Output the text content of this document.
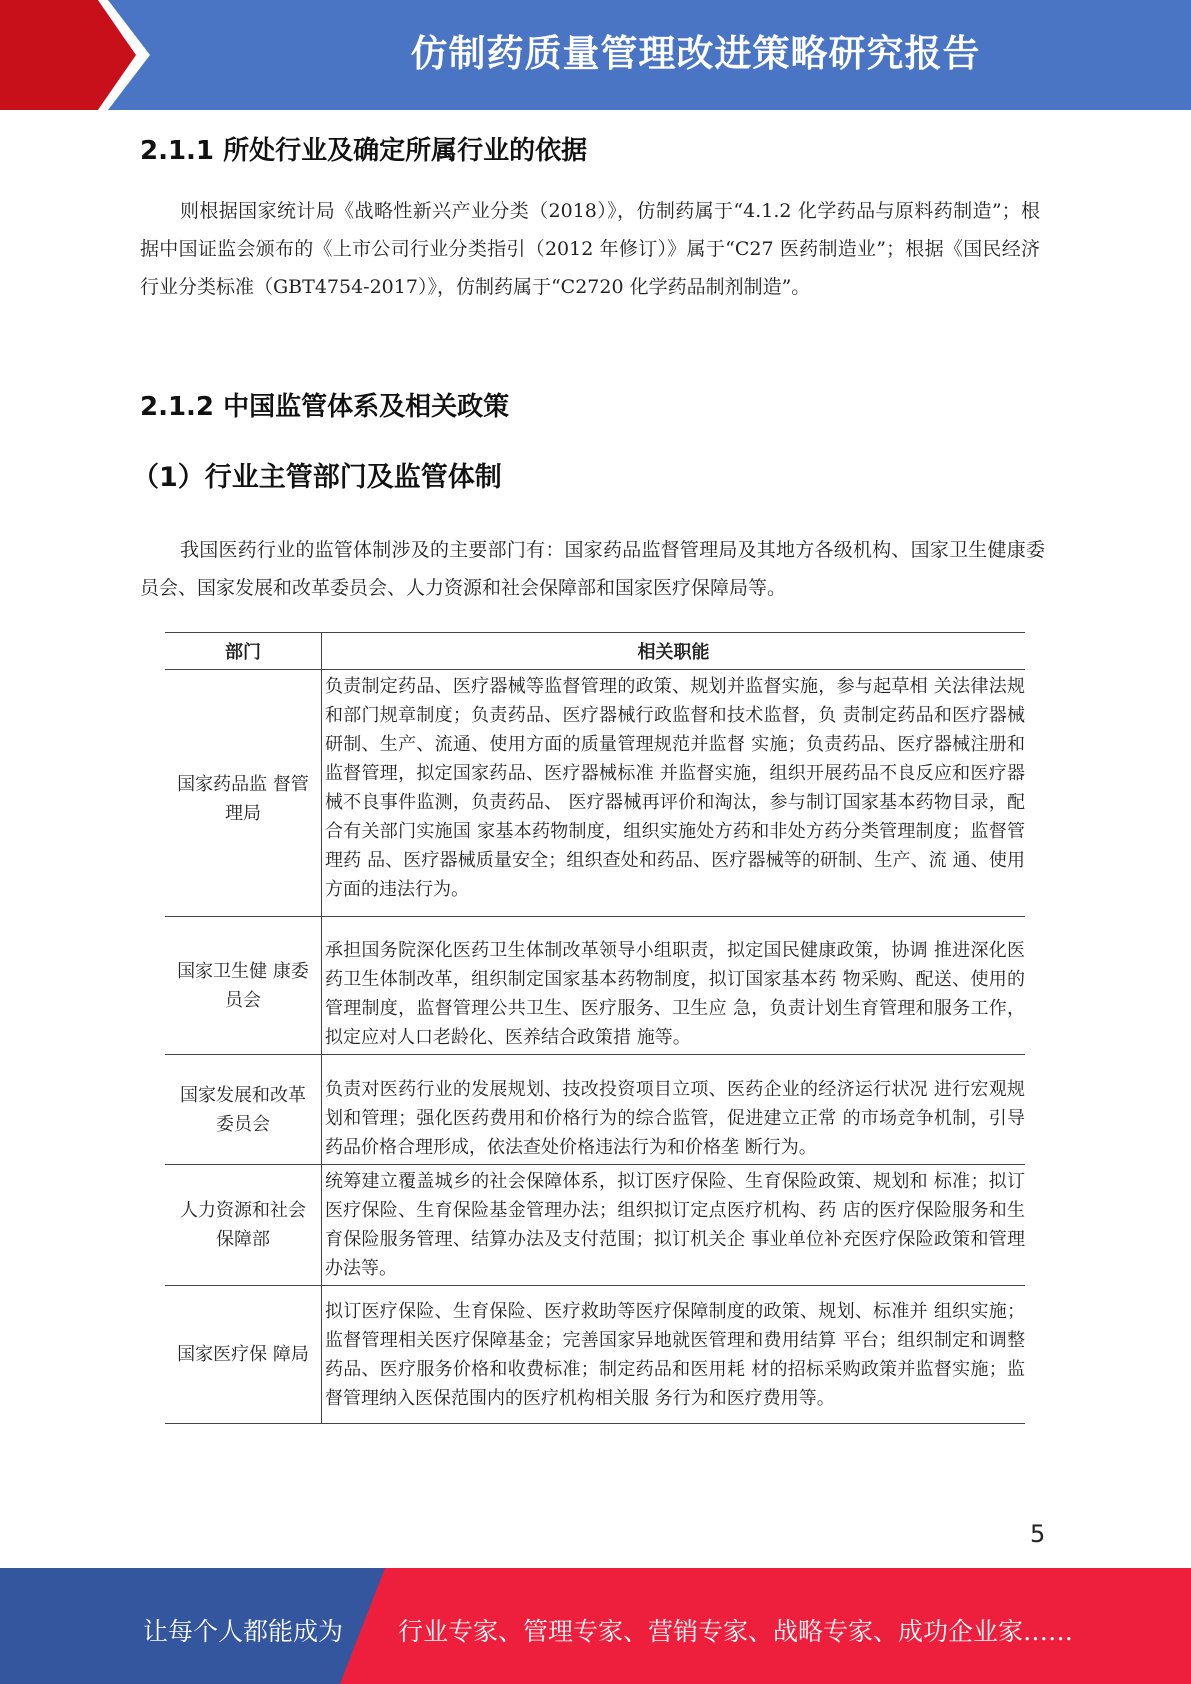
仿制药质量管理改进策略研究报告
2.1.1 所处行业及确定所属行业的依据

则根据国家统计局《战略性新兴产业分类（2018）》，仿制药属于“4.1.2 化学药品与原料药制造”；根据中国证监会颁布的《上市公司行业分类指引（2012 年修订）》属于“C27 医药制造业”；根据《国民经济行业分类标准（GBT4754-2017）》，仿制药属于“C2720 化学药品制剂制造”。

2.1.2 中国监管体系及相关政策
（1）行业主管部门及监管体制

我国医药行业的监管体制涉及的主要部门有：国家药品监督管理局及其地方各级机构、国家卫生健康委员会、国家发展和改革委员会、人力资源和社会保障部和国家医疗保障局等。

部门	相关职能
国家药品监 督管理局	负责制定药品、医疗器械等监督管理的政策、规划并监督实施，参与起草相 关法律法规和部门规章制度；负责药品、医疗器械行政监督和技术监督，负 责制定药品和医疗器械研制、生产、流通、使用方面的质量管理规范并监督 实施；负责药品、医疗器械注册和监督管理，拟定国家药品、医疗器械标准 并监督实施，组织开展药品不良反应和医疗器械不良事件监测，负责药品、 医疗器械再评价和淘汰，参与制订国家基本药物目录，配合有关部门实施国 家基本药物制度，组织实施处方药和非处方药分类管理制度；监督管理药 品、医疗器械质量安全；组织查处和药品、医疗器械等的研制、生产、流 通、使用方面的违法行为。
国家卫生健 康委员会	承担国务院深化医药卫生体制改革领导小组职责，拟定国民健康政策，协调 推进深化医药卫生体制改革，组织制定国家基本药物制度，拟订国家基本药 物采购、配送、使用的管理制度，监督管理公共卫生、医疗服务、卫生应 急，负责计划生育管理和服务工作，拟定应对人口老龄化、医养结合政策措 施等。
国家发展和改革委员会	负责对医药行业的发展规划、技改投资项目立项、医药企业的经济运行状况 进行宏观规划和管理；强化医药费用和价格行为的综合监管，促进建立正常 的市场竞争机制，引导药品价格合理形成，依法查处价格违法行为和价格垄 断行为。
人力资源和社会保障部	统筹建立覆盖城乡的社会保障体系，拟订医疗保险、生育保险政策、规划和 标准；拟订医疗保险、生育保险基金管理办法；组织拟订定点医疗机构、药 店的医疗保险服务和生育保险服务管理、结算办法及支付范围；拟订机关企 事业单位补充医疗保险政策和管理办法等。
国家医疗保 障局	拟订医疗保险、生育保险、医疗救助等医疗保障制度的政策、规划、标准并 组织实施；监督管理相关医疗保障基金；完善国家异地就医管理和费用结算 平台；组织制定和调整药品、医疗服务价格和收费标准；制定药品和医用耗 材的招标采购政策并监督实施；监督管理纳入医保范围内的医疗机构相关服 务行为和医疗费用等。
5
让每个人都能成为 行业专家、管理专家、营销专家、战略专家、成功企业家……
